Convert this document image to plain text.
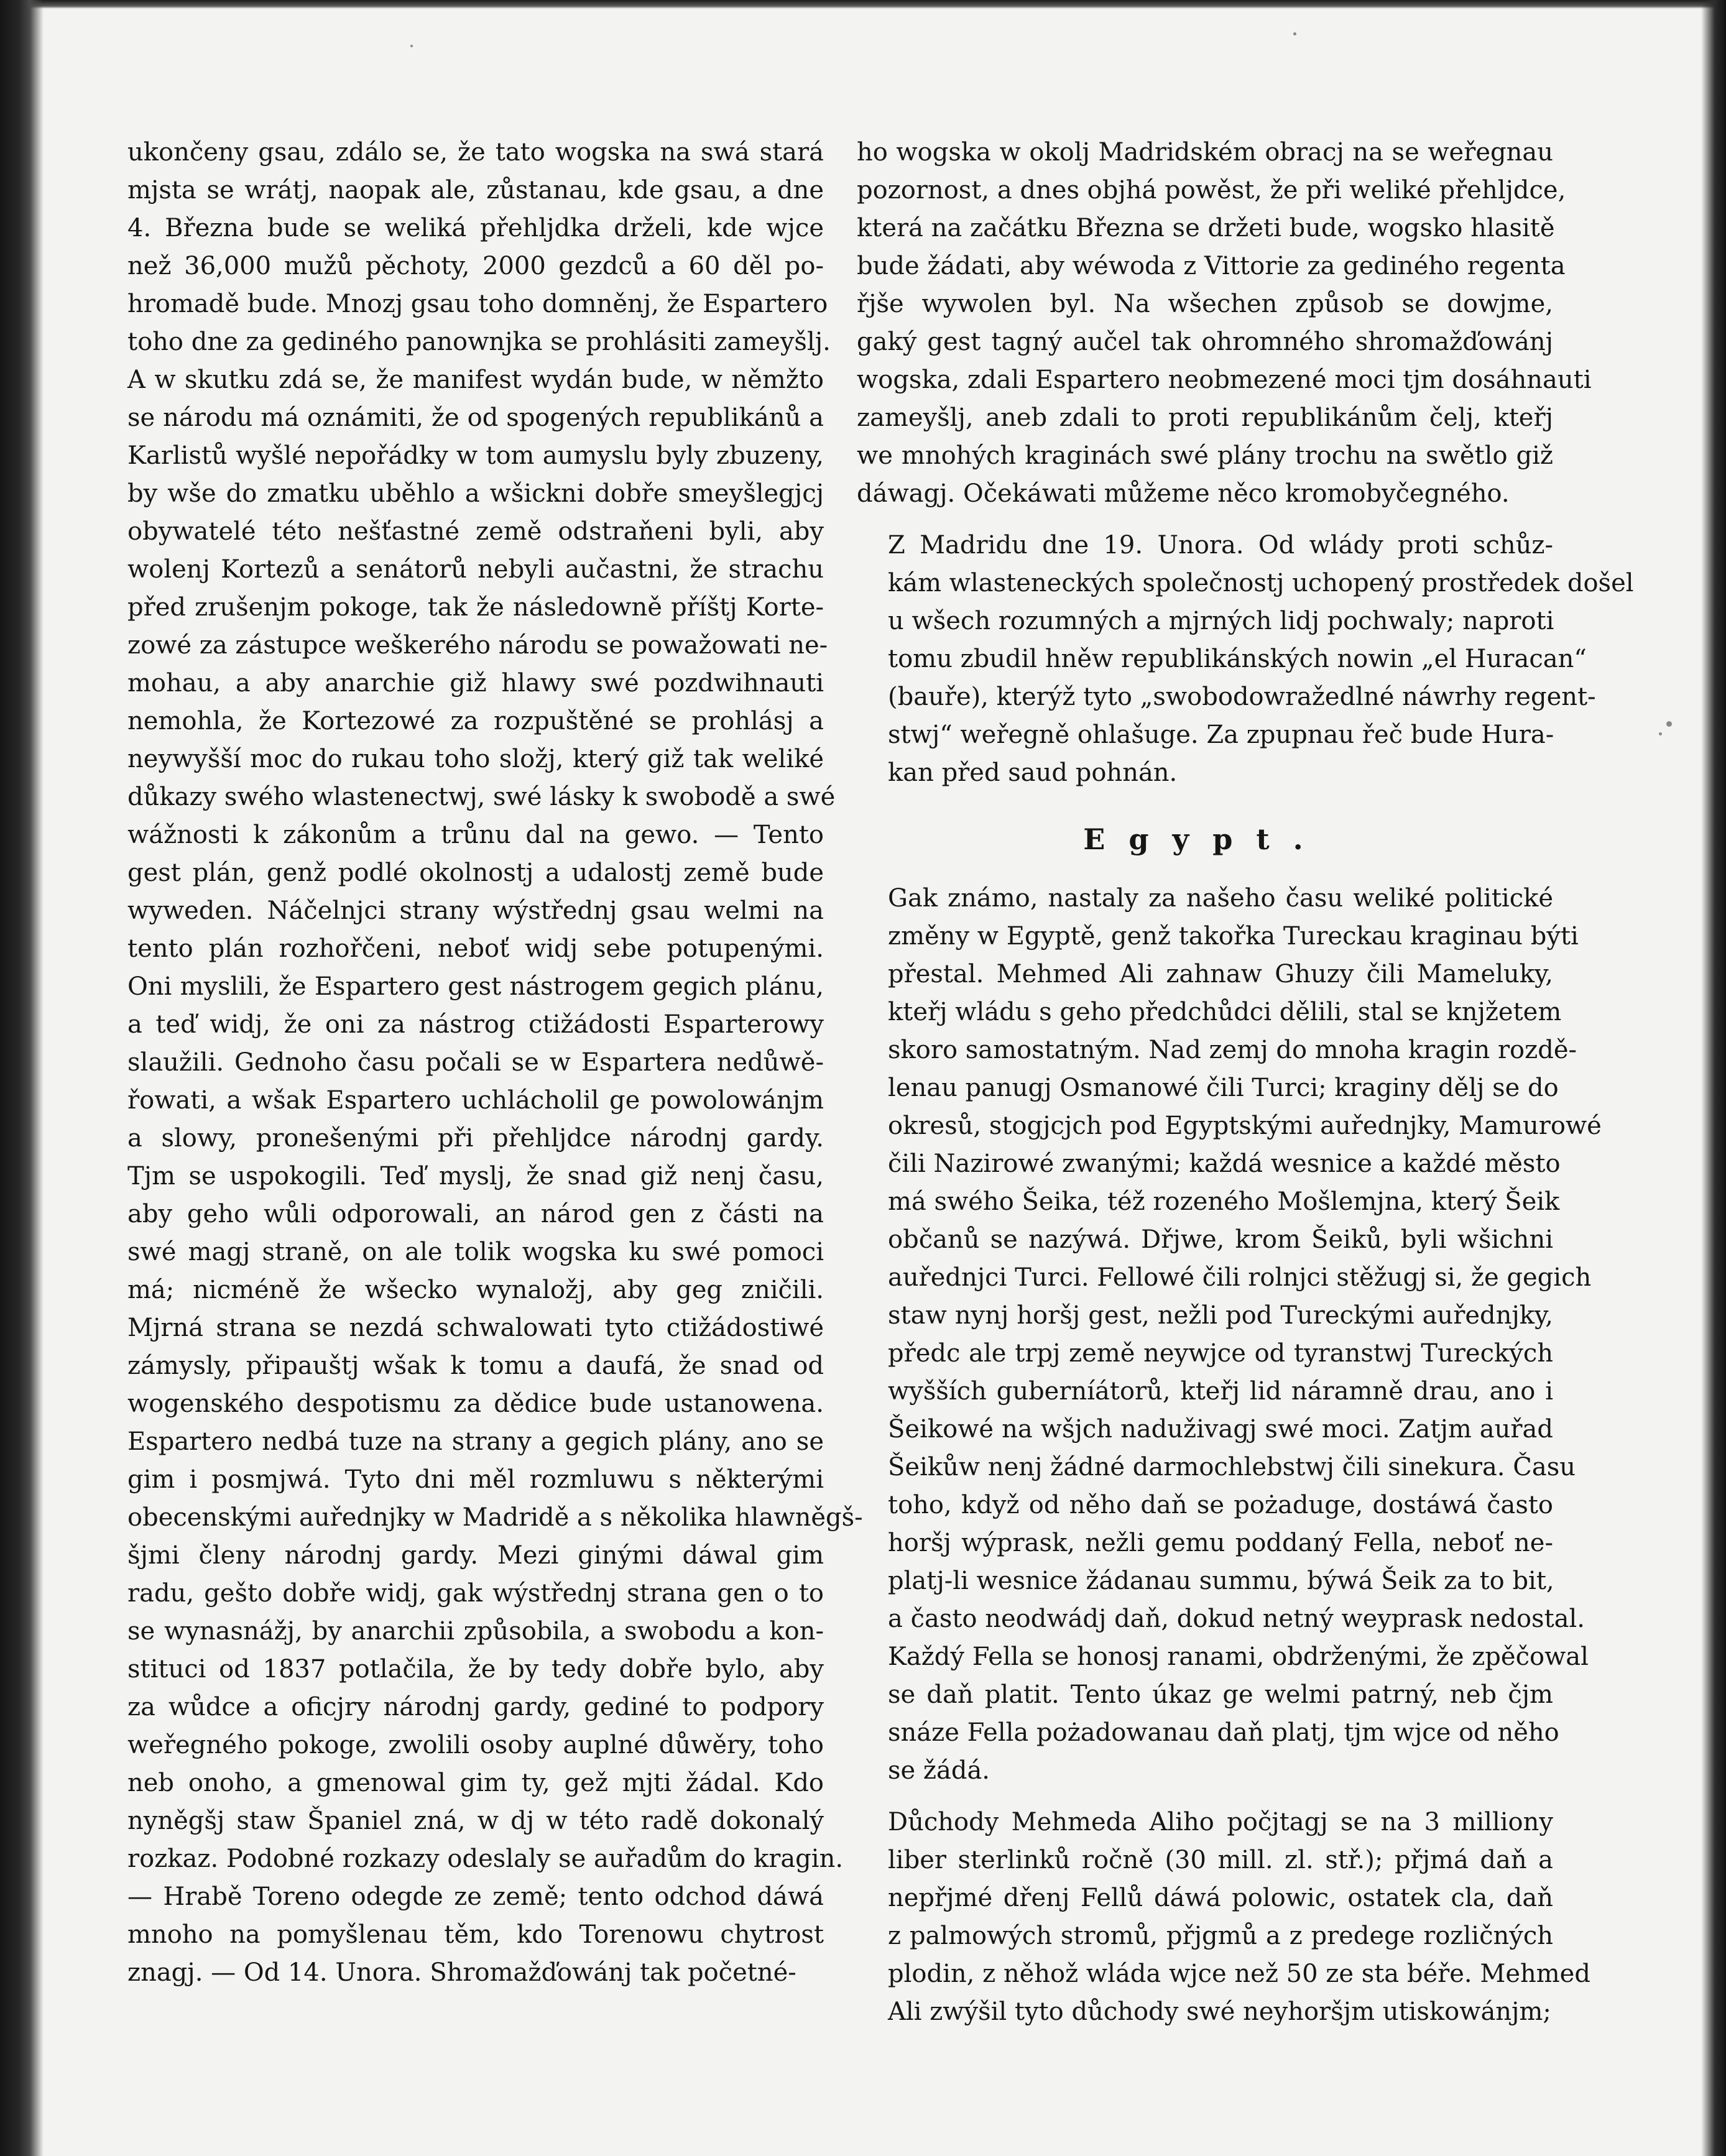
ukončeny gsau, zdálo se, že tato wogska na swá stará
mjsta se wrátj, naopak ale, zůstanau, kde gsau, a dne
4. Března bude se weliká přehljdka drželi, kde wjce
než 36,000 mužů pěchoty, 2000 gezdců a 60 děl po-
hromadě bude. Mnozj gsau toho domněnj, že Espartero
toho dne za gediného panownjka se prohlásiti zameyšlj.
A w skutku zdá se, že manifest wydán bude, w němžto
se národu má oznámiti, že od spogených republikánů a
Karlistů wyšlé nepořádky w tom aumyslu byly zbuzeny,
by wše do zmatku uběhlo a wšickni dobře smeyšlegjcj
obywatelé této nešťastné země odstraňeni byli, aby
wolenj Kortezů a senátorů nebyli aučastni, že strachu
před zrušenjm pokoge, tak že následowně příštj Korte-
zowé za zástupce weškerého národu se powažowati ne-
mohau, a aby anarchie giž hlawy swé pozdwihnauti
nemohla, že Kortezowé za rozpuštěné se prohlásj a
neywyšší moc do rukau toho složj, který giž tak weliké
důkazy swého wlastenectwj, swé lásky k swobodě a swé
wážnosti k zákonům a trůnu dal na gewo. — Tento
gest plán, genž podlé okolnostj a udalostj země bude
wyweden. Náčelnjci strany wýstřednj gsau welmi na
tento plán rozhořčeni, neboť widj sebe potupenými.
Oni myslili, že Espartero gest nástrogem gegich plánu,
a teď widj, že oni za nástrog ctižádosti Esparterowy
slaužili. Gednoho času počali se w Espartera nedůwě-
řowati, a wšak Espartero uchlácholil ge powolowánjm
a slowy, pronešenými při přehljdce národnj gardy.
Tjm se uspokogili. Teď myslj, že snad giž nenj času,
aby geho wůli odporowali, an národ gen z části na
swé magj straně, on ale tolik wogska ku swé pomoci
má; nicméně že wšecko wynaložj, aby geg zničili.
Mjrná strana se nezdá schwalowati tyto ctižádostiwé
zámysly, připauštj wšak k tomu a daufá, že snad od
wogenského despotismu za dědice bude ustanowena.
Espartero nedbá tuze na strany a gegich plány, ano se
gim i posmjwá. Tyto dni měl rozmluwu s některými
obecenskými auřednjky w Madridě a s několika hlawněgš-
šjmi členy národnj gardy. Mezi ginými dáwal gim
radu, gešto dobře widj, gak wýstřednj strana gen o to
se wynasnážj, by anarchii způsobila, a swobodu a kon-
stituci od 1837 potlačila, že by tedy dobře bylo, aby
za wůdce a oficjry národnj gardy, gediné to podpory
weřegného pokoge, zwolili osoby auplné důwěry, toho
neb onoho, a gmenowal gim ty, gež mjti žádal. Kdo
nyněgšj staw Španiel zná, w dj w této radě dokonalý
rozkaz. Podobné rozkazy odeslaly se auřadům do kragin.
— Hrabě Toreno odegde ze země; tento odchod dáwá
mnoho na pomyšlenau těm, kdo Torenowu chytrost
znagj. — Od 14. Unora. Shromažďowánj tak početné-

ho wogska w okolj Madridském obracj na se weřegnau
pozornost, a dnes objhá powěst, že při weliké přehljdce,
která na začátku Března se držeti bude, wogsko hlasitě
bude žádati, aby wéwoda z Vittorie za gediného regenta
řjše wywolen byl. Na wšechen způsob se dowjme,
gaký gest tagný aučel tak ohromného shromažďowánj
wogska, zdali Espartero neobmezené moci tjm dosáhnauti
zameyšlj, aneb zdali to proti republikánům čelj, kteřj
we mnohých kraginách swé plány trochu na swětlo giž
dáwagj. Očekáwati můžeme něco kromobyčegného.

Z Madridu dne 19. Unora. Od wlády proti schůz-
kám wlasteneckých společnostj uchopený prostředek došel
u wšech rozumných a mjrných lidj pochwaly; naproti
tomu zbudil hněw republikánských nowin „el Huracan“
(bauře), kterýž tyto „swobodowražedlné náwrhy regent-
stwj“ weřegně ohlašuge. Za zpupnau řeč bude Hura-
kan před saud pohnán.

Egypt.

Gak známo, nastaly za našeho času weliké politické
změny w Egyptě, genž takořka Tureckau kraginau býti
přestal. Mehmed Ali zahnaw Ghuzy čili Mameluky,
kteřj wládu s geho předchůdci dělili, stal se knjžetem
skoro samostatným. Nad zemj do mnoha kragin rozdě-
lenau panugj Osmanowé čili Turci; kraginy dělj se do
okresů, stogjcjch pod Egyptskými auřednjky, Mamurowé
čili Nazirowé zwanými; každá wesnice a každé město
má swého Šeika, též rozeného Mošlemjna, který Šeik
občanů se nazýwá. Dřjwe, krom Šeiků, byli wšichni
auřednjci Turci. Fellowé čili rolnjci stěžugj si, že gegich
staw nynj horšj gest, nežli pod Tureckými auřednjky,
předc ale trpj země neywjce od tyranstwj Tureckých
wyšších guberníátorů, kteřj lid náramně drau, ano i
Šeikowé na wšjch naduživagj swé moci. Zatjm auřad
Šeikůw nenj žádné darmochlebstwj čili sinekura. Času
toho, když od něho daň se pożaduge, dostáwá často
horšj wýprask, nežli gemu poddaný Fella, neboť ne-
platj-li wesnice žádanau summu, býwá Šeik za to bit,
a často neodwádj daň, dokud netný weyprask nedostal.
Každý Fella se honosj ranami, obdrženými, že zpěčowal
se daň platit. Tento úkaz ge welmi patrný, neb čjm
snáze Fella pożadowanau daň platj, tjm wjce od něho
se žádá.

Důchody Mehmeda Aliho počjtagj se na 3 milliony
liber sterlinků ročně (30 mill. zl. stř.); přjmá daň a
nepřjmé dřenj Fellů dáwá polowic, ostatek cla, daň
z palmowých stromů, přjgmů a z predege rozličných
plodin, z něhož wláda wjce než 50 ze sta béře. Mehmed
Ali zwýšil tyto důchody swé neyhoršjm utiskowánjm;
